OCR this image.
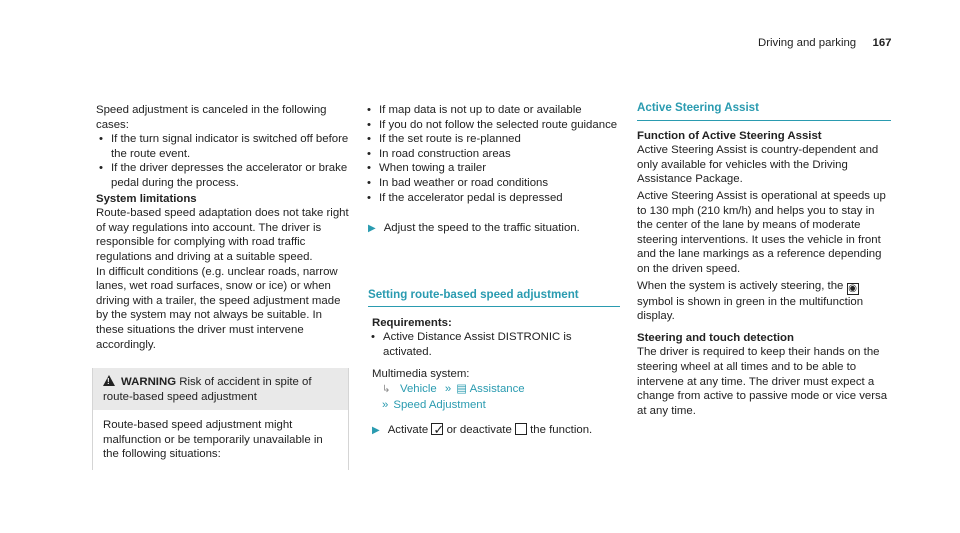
Driving and parking 167

Speed adjustment is canceled in the following cases:

• If the turn signal indicator is switched off before the route event.
• If the driver depresses the accelerator or brake pedal during the process.

System limitations

Route-based speed adaptation does not take right of way regulations into account. The driver is responsible for complying with road traffic regulations and driving at a suitable speed.

In difficult conditions (e.g. unclear roads, narrow lanes, wet road surfaces, snow or ice) or when driving with a trailer, the speed adjustment made by the system may not always be suitable. In these situations the driver must intervene accordingly.

! WARNING Risk of accident in spite of route-based speed adjustment
Route-based speed adjustment might malfunction or be temporarily unavailable in the following situations:
• If map data is not up to date or available
• If you do not follow the selected route guidance
• If the set route is re-planned
• In road construction areas
• When towing a trailer
• In bad weather or road conditions
• If the accelerator pedal is depressed

▶ Adjust the speed to the traffic situation.

Setting route-based speed adjustment

Requirements:

• Active Distance Assist DISTRONIC is activated.

Multimedia system:

↳ Vehicle » ▤ Assistance

» Speed Adjustment

▶ Activate ✓ or deactivate the function.

Active Steering Assist

Function of Active Steering Assist

Active Steering Assist is country-dependent and only available for vehicles with the Driving Assistance Package.

Active Steering Assist is operational at speeds up to 130 mph (210 km/h) and helps you to stay in the center of the lane by means of moderate steering interventions. It uses the vehicle in front and the lane markings as a reference depending on the driven speed.

When the system is actively steering, the ◉ symbol is shown in green in the multifunction display.

Steering and touch detection

The driver is required to keep their hands on the steering wheel at all times and to be able to intervene at any time. The driver must expect a change from active to passive mode or vice versa at any time.
